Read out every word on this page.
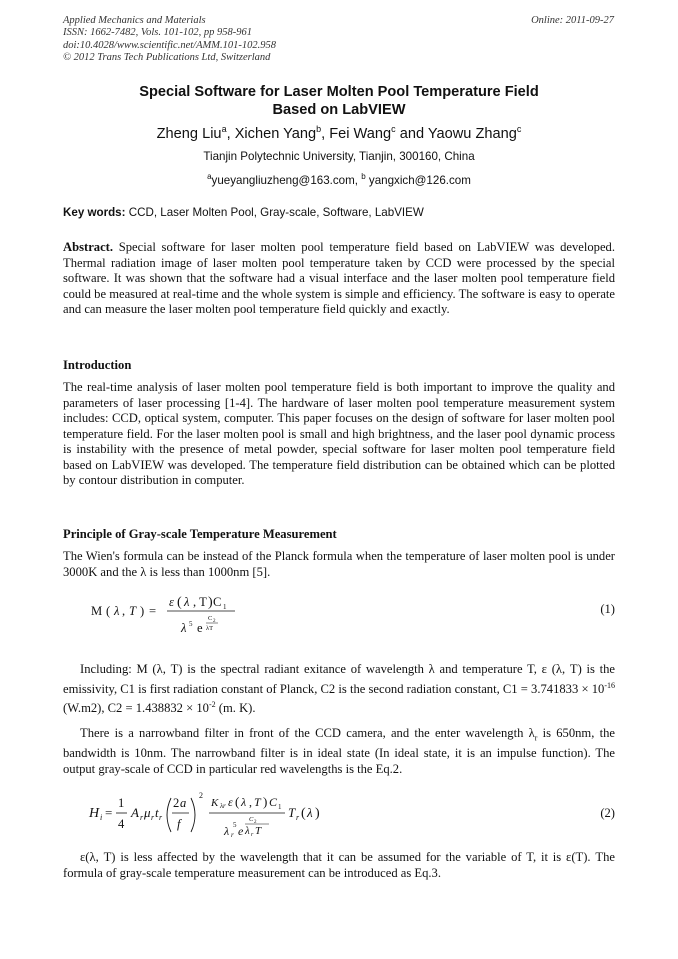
Applied Mechanics and Materials
ISSN: 1662-7482, Vols. 101-102, pp 958-961
doi:10.4028/www.scientific.net/AMM.101-102.958
© 2012 Trans Tech Publications Ltd, Switzerland
Online: 2011-09-27
Special Software for Laser Molten Pool Temperature Field
Based on LabVIEW
Zheng Liu$^a$, Xichen Yang$^b$, Fei Wang$^c$ and Yaowu Zhang$^c$
Tianjin Polytechnic University, Tianjin, 300160, China
$^a$yueyangliuzheng@163.com, $^b$ yangxich@126.com
Key words: CCD, Laser Molten Pool, Gray-scale, Software, LabVIEW
Abstract. Special software for laser molten pool temperature field based on LabVIEW was developed. Thermal radiation image of laser molten pool temperature taken by CCD were processed by the special software. It was shown that the software had a visual interface and the laser molten pool temperature field could be measured at real-time and the whole system is simple and efficiency. The software is easy to operate and can measure the laser molten pool temperature field quickly and exactly.
Introduction
The real-time analysis of laser molten pool temperature field is both important to improve the quality and parameters of laser processing [1-4]. The hardware of laser molten pool temperature measurement system includes: CCD, optical system, computer. This paper focuses on the design of software for laser molten pool temperature field. For the laser molten pool is small and high brightness, and the laser pool dynamic process is instability with the presence of metal powder, special software for laser molten pool temperature field based on LabVIEW was developed. The temperature field distribution can be obtained which can be plotted by contour distribution in computer.
Principle of Gray-scale Temperature Measurement
The Wien's formula can be instead of the Planck formula when the temperature of laser molten pool is under 3000K and the λ is less than 1000nm [5].
M ( λ , T ) =
ε ( λ , T ) C 1
λ 5 e
C 2
λT
(1)
Including: M (λ, T) is the spectral radiant exitance of wavelength λ and temperature T, ε (λ, T) is the emissivity, C1 is first radiation constant of Planck, C2 is the second radiation constant, $C1 = 3.741833 \times 10^{-16}$ (W.m2), $C2 = 1.438832 \times 10^{-2}$ (m. K).
There is a narrowband filter in front of the CCD camera, and the enter wavelength $\lambda_r$ is 650nm, the bandwidth is 10nm. The narrowband filter is in ideal state (In ideal state, it is an impulse function). The output gray-scale of CCD in particular red wavelengths is the Eq.2.
H i =
1
4
A r μ r t r
2 a
f
2
K λr ε ( λ , T ) C 1
λ r
5 e
C 2
λ r T
T r ( λ )	(2)
ε(λ, T) is less affected by the wavelength that it can be assumed for the variable of T, it is ε(T). The formula of gray-scale temperature measurement can be introduced as Eq.3.
